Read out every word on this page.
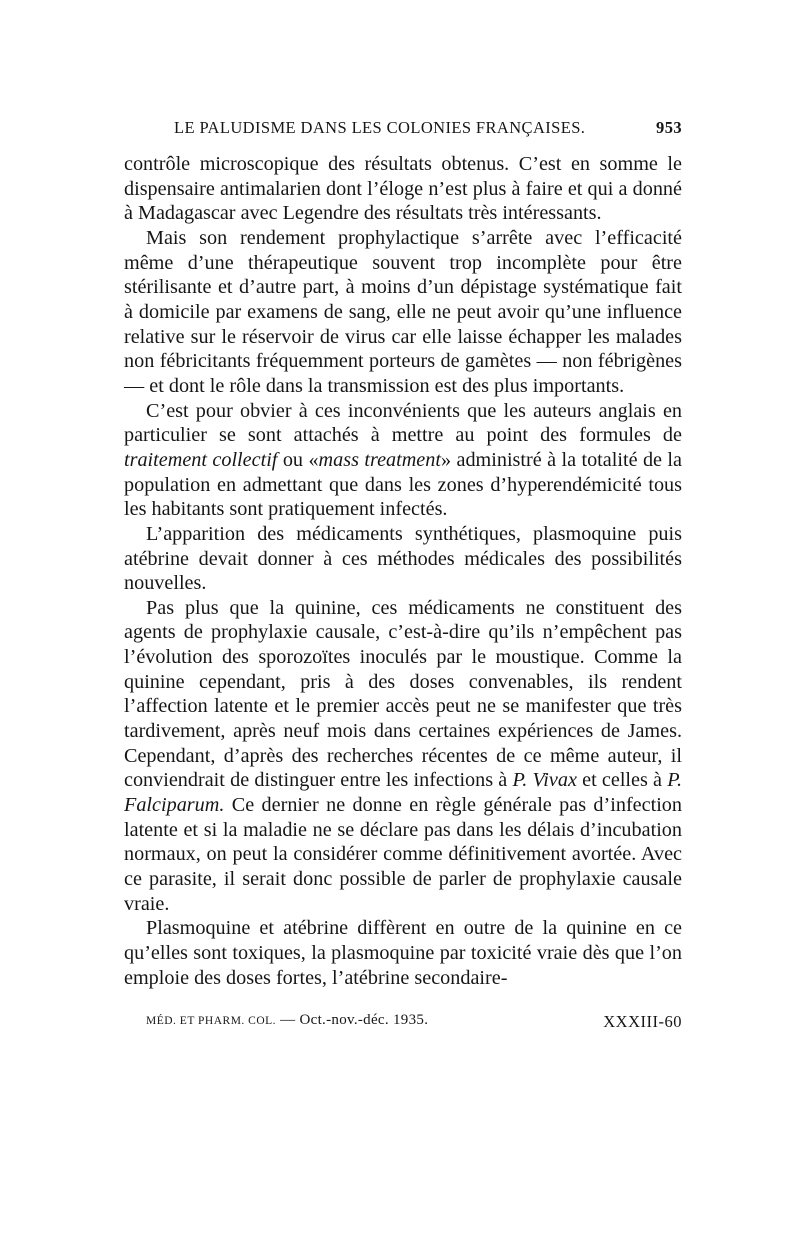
LE PALUDISME DANS LES COLONIES FRANÇAISES.	953

contrôle microscopique des résultats obtenus. C’est en somme le dispensaire antimalarien dont l’éloge n’est plus à faire et qui a donné à Madagascar avec Legendre des résultats très intéressants.

Mais son rendement prophylactique s’arrête avec l’efficacité même d’une thérapeutique souvent trop incomplète pour être stérilisante et d’autre part, à moins d’un dépistage systématique fait à domicile par examens de sang, elle ne peut avoir qu’une influence relative sur le réservoir de virus car elle laisse échapper les malades non fébricitants fréquemment porteurs de gamètes — non fébrigènes — et dont le rôle dans la transmission est des plus importants.

C’est pour obvier à ces inconvénients que les auteurs anglais en particulier se sont attachés à mettre au point des formules de traitement collectif ou «mass treatment» administré à la totalité de la population en admettant que dans les zones d’hyperendémicité tous les habitants sont pratiquement infectés.

L’apparition des médicaments synthétiques, plasmoquine puis atébrine devait donner à ces méthodes médicales des possibilités nouvelles.

Pas plus que la quinine, ces médicaments ne constituent des agents de prophylaxie causale, c’est-à-dire qu’ils n’empêchent pas l’évolution des sporozoïtes inoculés par le moustique. Comme la quinine cependant, pris à des doses convenables, ils rendent l’affection latente et le premier accès peut ne se manifester que très tardivement, après neuf mois dans certaines expériences de James. Cependant, d’après des recherches récentes de ce même auteur, il conviendrait de distinguer entre les infections à P. Vivax et celles à P. Falciparum. Ce dernier ne donne en règle générale pas d’infection latente et si la maladie ne se déclare pas dans les délais d’incubation normaux, on peut la considérer comme définitivement avortée. Avec ce parasite, il serait donc possible de parler de prophylaxie causale vraie.

Plasmoquine et atébrine diffèrent en outre de la quinine en ce qu’elles sont toxiques, la plasmoquine par toxicité vraie dès que l’on emploie des doses fortes, l’atébrine secondaire-

MÉD. ET PHARM. COL. — Oct.-nov.-déc. 1935.	XXXIII-60
